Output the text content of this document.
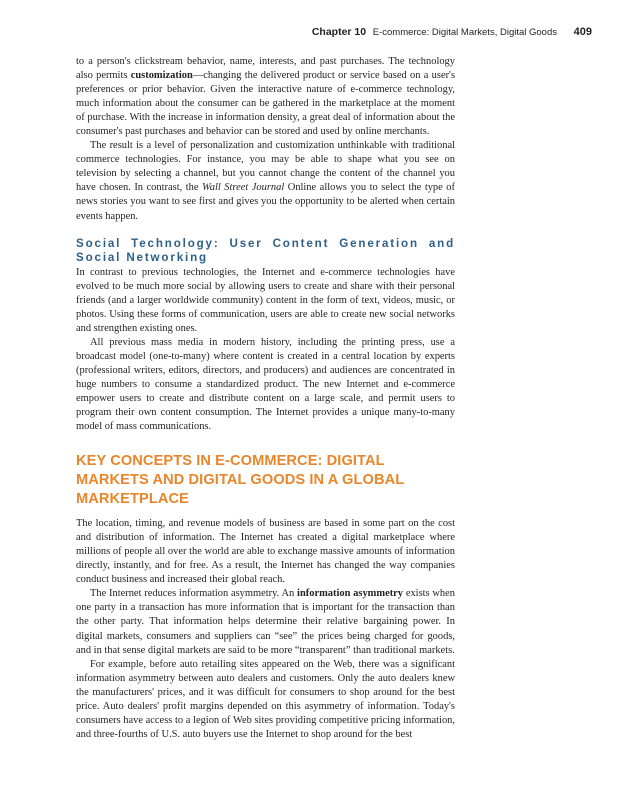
Chapter 10 E-commerce: Digital Markets, Digital Goods 409

to a person's clickstream behavior, name, interests, and past purchases. The technology also permits customization—changing the delivered product or service based on a user's preferences or prior behavior. Given the interactive nature of e-commerce technology, much information about the consumer can be gathered in the marketplace at the moment of purchase. With the increase in information density, a great deal of information about the consumer's past purchases and behavior can be stored and used by online merchants.

The result is a level of personalization and customization unthinkable with traditional commerce technologies. For instance, you may be able to shape what you see on television by selecting a channel, but you cannot change the content of the channel you have chosen. In contrast, the Wall Street Journal Online allows you to select the type of news stories you want to see first and gives you the opportunity to be alerted when certain events happen.

Social Technology: User Content Generation and Social Networking

In contrast to previous technologies, the Internet and e-commerce technologies have evolved to be much more social by allowing users to create and share with their personal friends (and a larger worldwide community) content in the form of text, videos, music, or photos. Using these forms of communication, users are able to create new social networks and strengthen existing ones.

All previous mass media in modern history, including the printing press, use a broadcast model (one-to-many) where content is created in a central location by experts (professional writers, editors, directors, and producers) and audiences are concentrated in huge numbers to consume a standardized product. The new Internet and e-commerce empower users to create and distribute content on a large scale, and permit users to program their own content consumption. The Internet provides a unique many-to-many model of mass communications.

KEY CONCEPTS IN E-COMMERCE: DIGITAL MARKETS AND DIGITAL GOODS IN A GLOBAL MARKETPLACE

The location, timing, and revenue models of business are based in some part on the cost and distribution of information. The Internet has created a digital marketplace where millions of people all over the world are able to exchange massive amounts of information directly, instantly, and for free. As a result, the Internet has changed the way companies conduct business and increased their global reach.

The Internet reduces information asymmetry. An information asymmetry exists when one party in a transaction has more information that is important for the transaction than the other party. That information helps determine their relative bargaining power. In digital markets, consumers and suppliers can “see” the prices being charged for goods, and in that sense digital markets are said to be more “transparent” than traditional markets.

For example, before auto retailing sites appeared on the Web, there was a significant information asymmetry between auto dealers and customers. Only the auto dealers knew the manufacturers' prices, and it was difficult for consumers to shop around for the best price. Auto dealers' profit margins depended on this asymmetry of information. Today's consumers have access to a legion of Web sites providing competitive pricing information, and three-fourths of U.S. auto buyers use the Internet to shop around for the best
